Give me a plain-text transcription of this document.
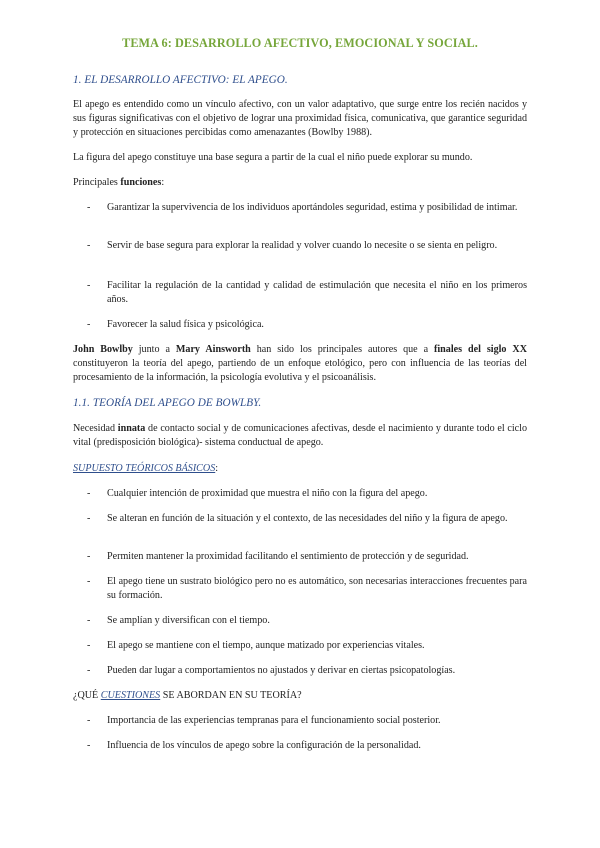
TEMA 6: DESARROLLO AFECTIVO, EMOCIONAL Y SOCIAL.
1. EL DESARROLLO AFECTIVO: EL APEGO.
El apego es entendido como un vínculo afectivo, con un valor adaptativo, que surge entre los recién nacidos y sus figuras significativas con el objetivo de lograr una proximidad física, comunicativa, que garantice seguridad y protección en situaciones percibidas como amenazantes (Bowlby 1988).
La figura del apego constituye una base segura a partir de la cual el niño puede explorar su mundo.
Principales funciones:
-	Garantizar la supervivencia de los individuos aportándoles seguridad, estima y posibilidad de intimar.
-	Servir de base segura para explorar la realidad y volver cuando lo necesite o se sienta en peligro.
-	Facilitar la regulación de la cantidad y calidad de estimulación que necesita el niño en los primeros años.
-	Favorecer la salud física y psicológica.
John Bowlby junto a Mary Ainsworth han sido los principales autores que a finales del siglo XX constituyeron la teoría del apego, partiendo de un enfoque etológico, pero con influencia de las teorías del procesamiento de la información, la psicología evolutiva y el psicoanálisis.
1.1. TEORÍA DEL APEGO DE BOWLBY.
Necesidad innata de contacto social y de comunicaciones afectivas, desde el nacimiento y durante todo el ciclo vital (predisposición biológica)- sistema conductual de apego.
SUPUESTO TEÓRICOS BÁSICOS:
-	Cualquier intención de proximidad que muestra el niño con la figura del apego.
-	Se alteran en función de la situación y el contexto, de las necesidades del niño y la figura de apego.
-	Permiten mantener la proximidad facilitando el sentimiento de protección y de seguridad.
-	El apego tiene un sustrato biológico pero no es automático, son necesarias interacciones frecuentes para su formación.
-	Se amplían y diversifican con el tiempo.
-	El apego se mantiene con el tiempo, aunque matizado por experiencias vitales.
-	Pueden dar lugar a comportamientos no ajustados y derivar en ciertas psicopatologías.
¿QUÉ CUESTIONES SE ABORDAN EN SU TEORÍA?
-	Importancia de las experiencias tempranas para el funcionamiento social posterior.
-	Influencia de los vínculos de apego sobre la configuración de la personalidad.
